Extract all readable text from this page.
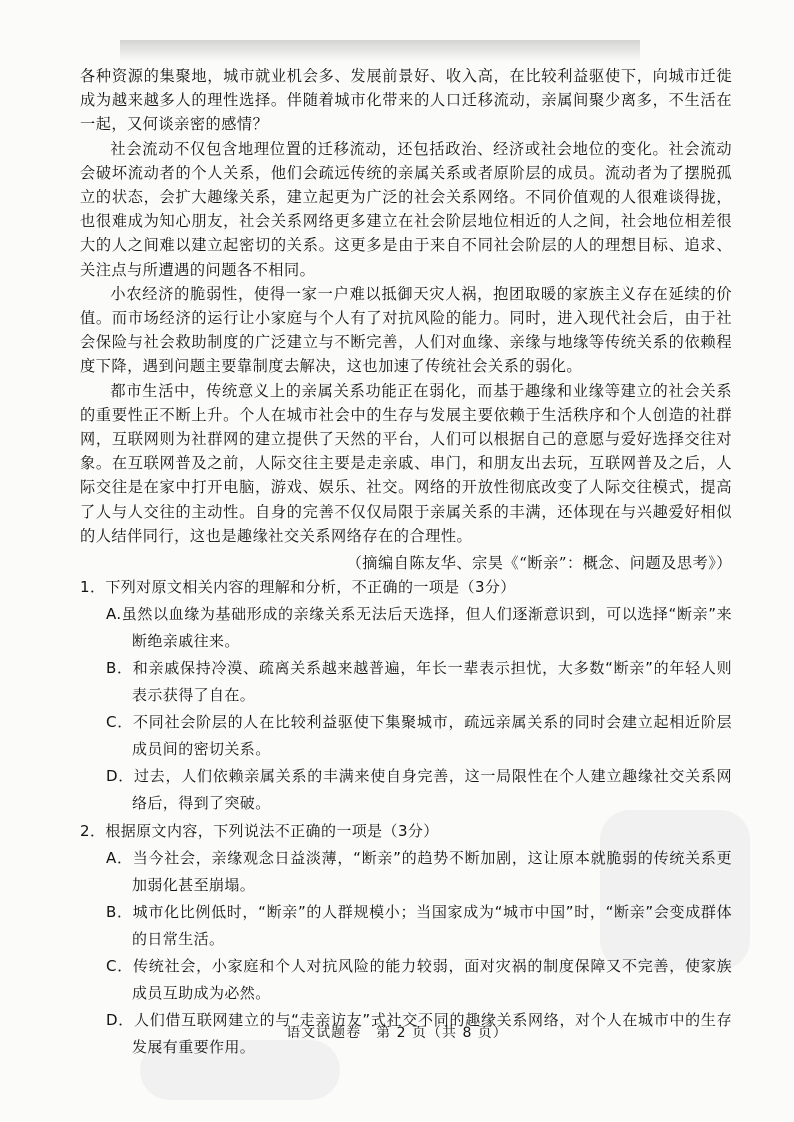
各种资源的集聚地，城市就业机会多、发展前景好、收入高，在比较利益驱使下，向城市迁徙成为越来越多人的理性选择。伴随着城市化带来的人口迁移流动，亲属间聚少离多，不生活在一起，又何谈亲密的感情？

社会流动不仅包含地理位置的迁移流动，还包括政治、经济或社会地位的变化。社会流动会破坏流动者的个人关系，他们会疏远传统的亲属关系或者原阶层的成员。流动者为了摆脱孤立的状态，会扩大趣缘关系，建立起更为广泛的社会关系网络。不同价值观的人很难谈得拢，也很难成为知心朋友，社会关系网络更多建立在社会阶层地位相近的人之间，社会地位相差很大的人之间难以建立起密切的关系。这更多是由于来自不同社会阶层的人的理想目标、追求、关注点与所遭遇的问题各不相同。

小农经济的脆弱性，使得一家一户难以抵御天灾人祸，抱团取暖的家族主义存在延续的价值。而市场经济的运行让小家庭与个人有了对抗风险的能力。同时，进入现代社会后，由于社会保险与社会救助制度的广泛建立与不断完善，人们对血缘、亲缘与地缘等传统关系的依赖程度下降，遇到问题主要靠制度去解决，这也加速了传统社会关系的弱化。

都市生活中，传统意义上的亲属关系功能正在弱化，而基于趣缘和业缘等建立的社会关系的重要性正不断上升。个人在城市社会中的生存与发展主要依赖于生活秩序和个人创造的社群网，互联网则为社群网的建立提供了天然的平台，人们可以根据自己的意愿与爱好选择交往对象。在互联网普及之前，人际交往主要是走亲戚、串门，和朋友出去玩，互联网普及之后，人际交往是在家中打开电脑，游戏、娱乐、社交。网络的开放性彻底改变了人际交往模式，提高了人与人交往的主动性。自身的完善不仅仅局限于亲属关系的丰满，还体现在与兴趣爱好相似的人结伴同行，这也是趣缘社交关系网络存在的合理性。

（摘编自陈友华、宗昊《“断亲”：概念、问题及思考》）

1．下列对原文相关内容的理解和分析，不正确的一项是（3分）

A.虽然以血缘为基础形成的亲缘关系无法后天选择，但人们逐渐意识到，可以选择“断亲”来断绝亲戚往来。

B．和亲戚保持冷漠、疏离关系越来越普遍，年长一辈表示担忧，大多数“断亲”的年轻人则表示获得了自在。

C．不同社会阶层的人在比较利益驱使下集聚城市，疏远亲属关系的同时会建立起相近阶层成员间的密切关系。

D．过去，人们依赖亲属关系的丰满来使自身完善，这一局限性在个人建立趣缘社交关系网络后，得到了突破。

2．根据原文内容，下列说法不正确的一项是（3分）

A．当今社会，亲缘观念日益淡薄，“断亲”的趋势不断加剧，这让原本就脆弱的传统关系更加弱化甚至崩塌。

B．城市化比例低时，“断亲”的人群规模小；当国家成为“城市中国”时，“断亲”会变成群体的日常生活。

C．传统社会，小家庭和个人对抗风险的能力较弱，面对灾祸的制度保障又不完善，使家族成员互助成为必然。

D．人们借互联网建立的与“走亲访友”式社交不同的趣缘关系网络，对个人在城市中的生存发展有重要作用。

语文试题卷　第 2 页（共 8 页）
